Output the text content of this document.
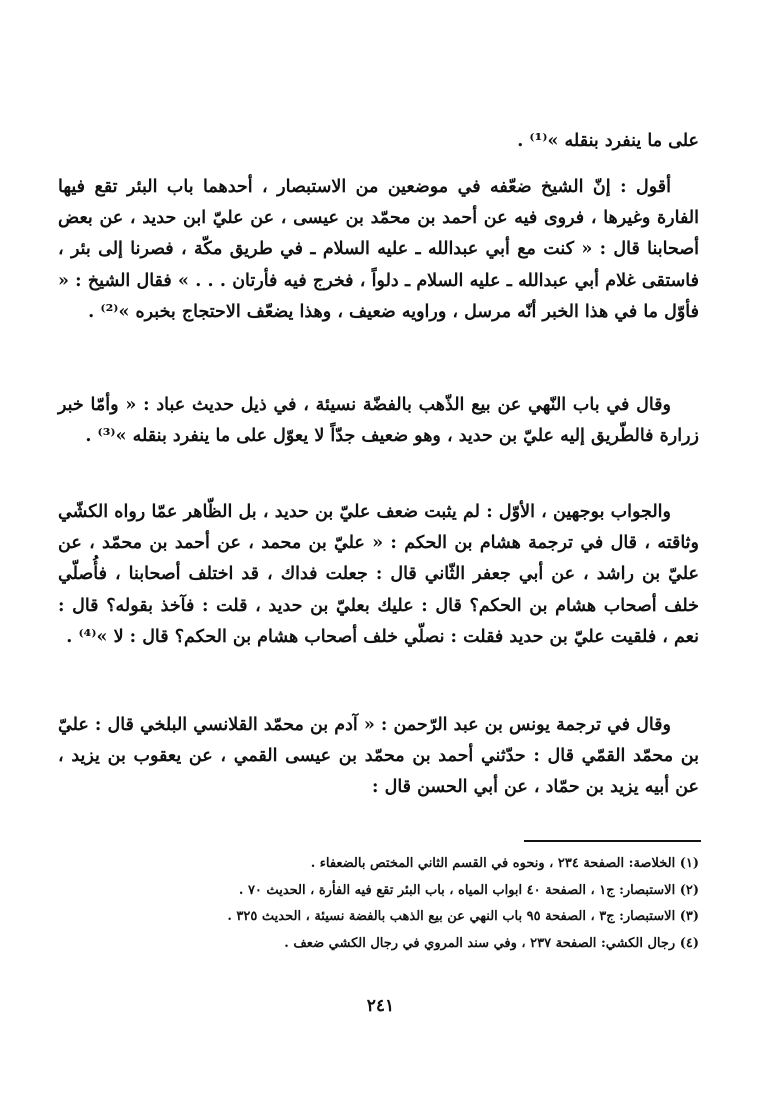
على ما ينفرد بنقله »⁽¹⁾ .

أقول : إنّ الشيخ ضعّفه في موضعين من الاستبصار ، أحدهما باب البئر تقع فيها الفارة وغيرها ، فروى فيه عن أحمد بن محمّد بن عيسى ، عن عليّ ابن حديد ، عن بعض أصحابنا قال : « كنت مع أبي عبدالله ـ عليه السلام ـ في طريق مكّة ، فصرنا إلى بئر ، فاستقى غلام أبي عبدالله ـ عليه السلام ـ دلواً ، فخرج فيه فأرتان . . . » فقال الشيخ : « فأوّل ما في هذا الخبر أنّه مرسل ، وراويه ضعيف ، وهذا يضعّف الاحتجاج بخبره »⁽²⁾ .

وقال في باب النّهي عن بيع الذّهب بالفضّة نسيئة ، في ذيل حديث عباد : « وأمّا خبر زرارة فالطّريق إليه عليّ بن حديد ، وهو ضعيف جدّاً لا يعوّل على ما ينفرد بنقله »⁽³⁾ .

والجواب بوجهين ، الأوّل : لم يثبت ضعف عليّ بن حديد ، بل الظّاهر عمّا رواه الكشّي وثاقته ، قال في ترجمة هشام بن الحكم : « عليّ بن محمد ، عن أحمد بن محمّد ، عن عليّ بن راشد ، عن أبي جعفر الثّاني قال : جعلت فداك ، قد اختلف أصحابنا ، فأُصلّي خلف أصحاب هشام بن الحكم؟ قال : عليك بعليّ بن حديد ، قلت : فآخذ بقوله؟ قال : نعم ، فلقيت عليّ بن حديد فقلت : نصلّي خلف أصحاب هشام بن الحكم؟ قال : لا »⁽⁴⁾ .

وقال في ترجمة يونس بن عبد الرّحمن : « آدم بن محمّد القلانسي البلخي قال : عليّ بن محمّد القمّي قال : حدّثني أحمد بن محمّد بن عيسى القمي ، عن يعقوب بن يزيد ، عن أبيه يزيد بن حمّاد ، عن أبي الحسن قال :

(١) الخلاصة: الصفحة ٢٣٤ ، ونحوه في القسم الثاني المختص بالضعفاء .

(٢) الاستبصار: ج١ ، الصفحة ٤٠ ابواب المياه ، باب البئر تقع فيه الفأرة ، الحديث ٧٠ .

(٣) الاستبصار: ج٣ ، الصفحة ٩٥ باب النهي عن بيع الذهب بالفضة نسيئة ، الحديث ٣٢٥ .

(٤) رجال الكشي: الصفحة ٢٣٧ ، وفي سند المروي في رجال الكشي ضعف .

٢٤١
